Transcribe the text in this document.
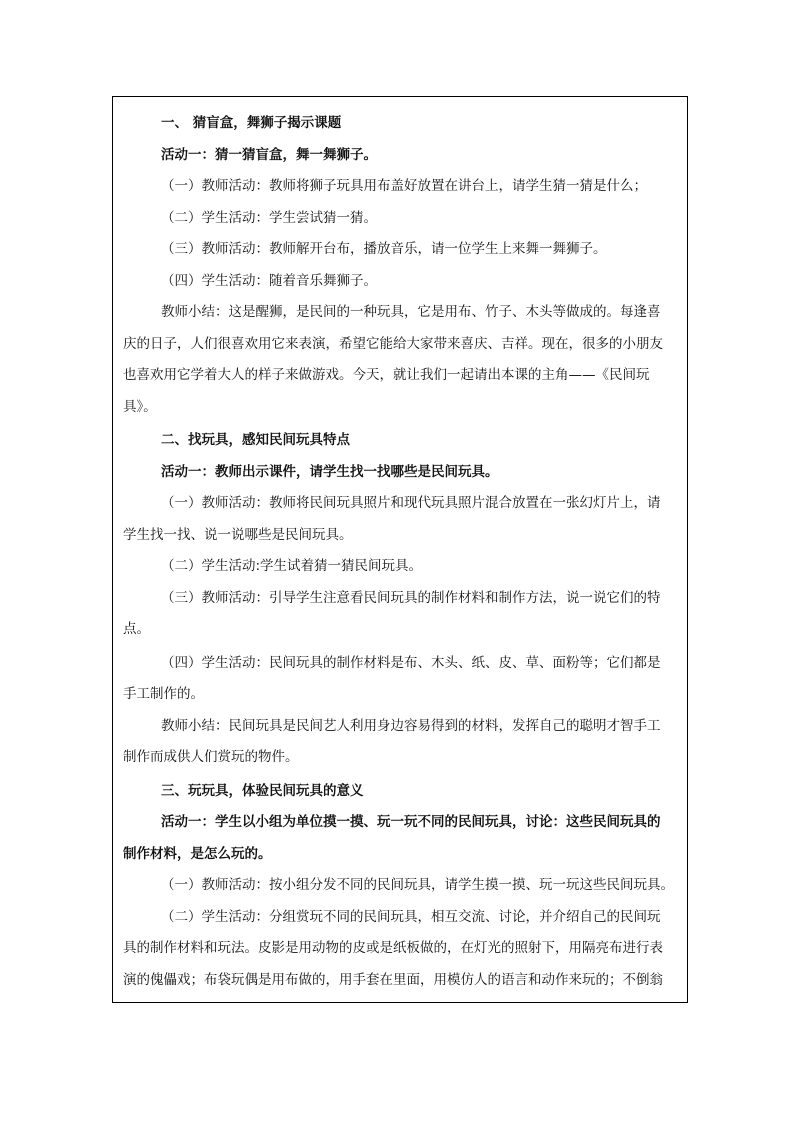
一、 猜盲盒，舞狮子揭示课题
活动一：猜一猜盲盒，舞一舞狮子。
（一）教师活动：教师将狮子玩具用布盖好放置在讲台上，请学生猜一猜是什么；
（二）学生活动：学生尝试猜一猜。
（三）教师活动：教师解开台布，播放音乐，请一位学生上来舞一舞狮子。
（四）学生活动：随着音乐舞狮子。
教师小结：这是醒狮，是民间的一种玩具，它是用布、竹子、木头等做成的。每逢喜
庆的日子，人们很喜欢用它来表演，希望它能给大家带来喜庆、吉祥。现在，很多的小朋友
也喜欢用它学着大人的样子来做游戏。今天，就让我们一起请出本课的主角——《民间玩
具》。
二、找玩具，感知民间玩具特点
活动一：教师出示课件，请学生找一找哪些是民间玩具。
（一）教师活动：教师将民间玩具照片和现代玩具照片混合放置在一张幻灯片上，请
学生找一找、说一说哪些是民间玩具。
（二）学生活动:学生试着猜一猜民间玩具。
（三）教师活动：引导学生注意看民间玩具的制作材料和制作方法，说一说它们的特
点。
（四）学生活动：民间玩具的制作材料是布、木头、纸、皮、草、面粉等；它们都是
手工制作的。
教师小结：民间玩具是民间艺人利用身边容易得到的材料，发挥自己的聪明才智手工
制作而成供人们赏玩的物件。
三、玩玩具，体验民间玩具的意义
活动一：学生以小组为单位摸一摸、玩一玩不同的民间玩具，讨论：这些民间玩具的
制作材料，是怎么玩的。
（一）教师活动：按小组分发不同的民间玩具，请学生摸一摸、玩一玩这些民间玩具。
（二）学生活动：分组赏玩不同的民间玩具，相互交流、讨论，并介绍自己的民间玩
具的制作材料和玩法。皮影是用动物的皮或是纸板做的，在灯光的照射下，用隔亮布进行表
演的傀儡戏；布袋玩偶是用布做的，用手套在里面，用模仿人的语言和动作来玩的；不倒翁
